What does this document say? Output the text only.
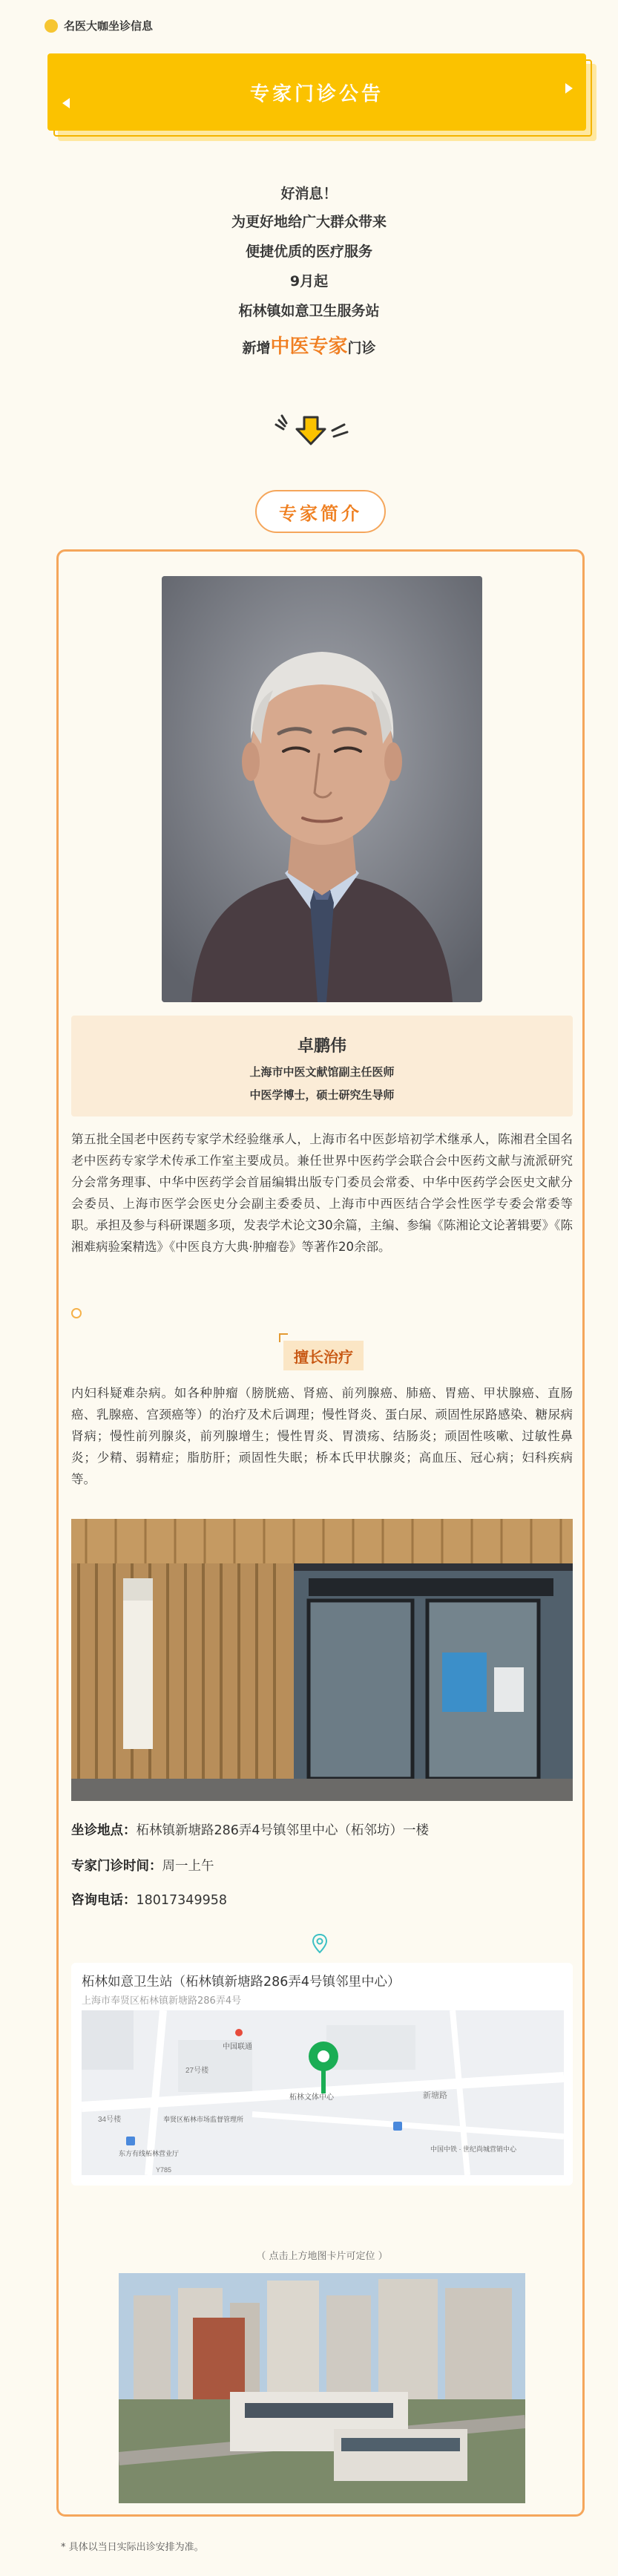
名医大咖坐诊信息
专家门诊公告
好消息！
为更好地给广大群众带来
便捷优质的医疗服务
9月起
柘林镇如意卫生服务站
新增中医专家门诊
专家简介
卓鹏伟
上海市中医文献馆副主任医师
中医学博士，硕士研究生导师
第五批全国老中医药专家学术经验继承人，上海市名中医彭培初学术继承人，陈湘君全国名老中医药专家学术传承工作室主要成员。兼任世界中医药学会联合会中医药文献与流派研究分会常务理事、中华中医药学会首届编辑出版专门委员会常委、中华中医药学会医史文献分会委员、上海市医学会医史分会副主委委员、上海市中西医结合学会性医学专委会常委等职。承担及参与科研课题多项，发表学术论文30余篇，主编、参编《陈湘论文论著辑要》《陈湘难病验案精选》《中医良方大典·肿瘤卷》等著作20余部。
擅长治疗
内妇科疑难杂病。如各种肿瘤（膀胱癌、肾癌、前列腺癌、肺癌、胃癌、甲状腺癌、直肠癌、乳腺癌、宫颈癌等）的治疗及术后调理；慢性肾炎、蛋白尿、顽固性尿路感染、糖尿病肾病；慢性前列腺炎，前列腺增生；慢性胃炎、胃溃疡、结肠炎；顽固性咳嗽、过敏性鼻炎；少精、弱精症；脂肪肝；顽固性失眠；桥本氏甲状腺炎；高血压、冠心病；妇科疾病等。
坐诊地点：柘林镇新塘路286弄4号镇邻里中心（柘邻坊）一楼
专家门诊时间：周一上午
咨询电话：18017349958
柘林如意卫生站（柘林镇新塘路286弄4号镇邻里中心）
上海市奉贤区柘林镇新塘路286弄4号
中国联通
27号楼
柘林文体中心	新塘路
34号楼	奉贤区柘林市场监督管理所
东方有线柘林营业厅
中国中铁 · 世纪尚城营销中心
Y785
（ 点击上方地图卡片可定位 ）
* 具体以当日实际出诊安排为准。
